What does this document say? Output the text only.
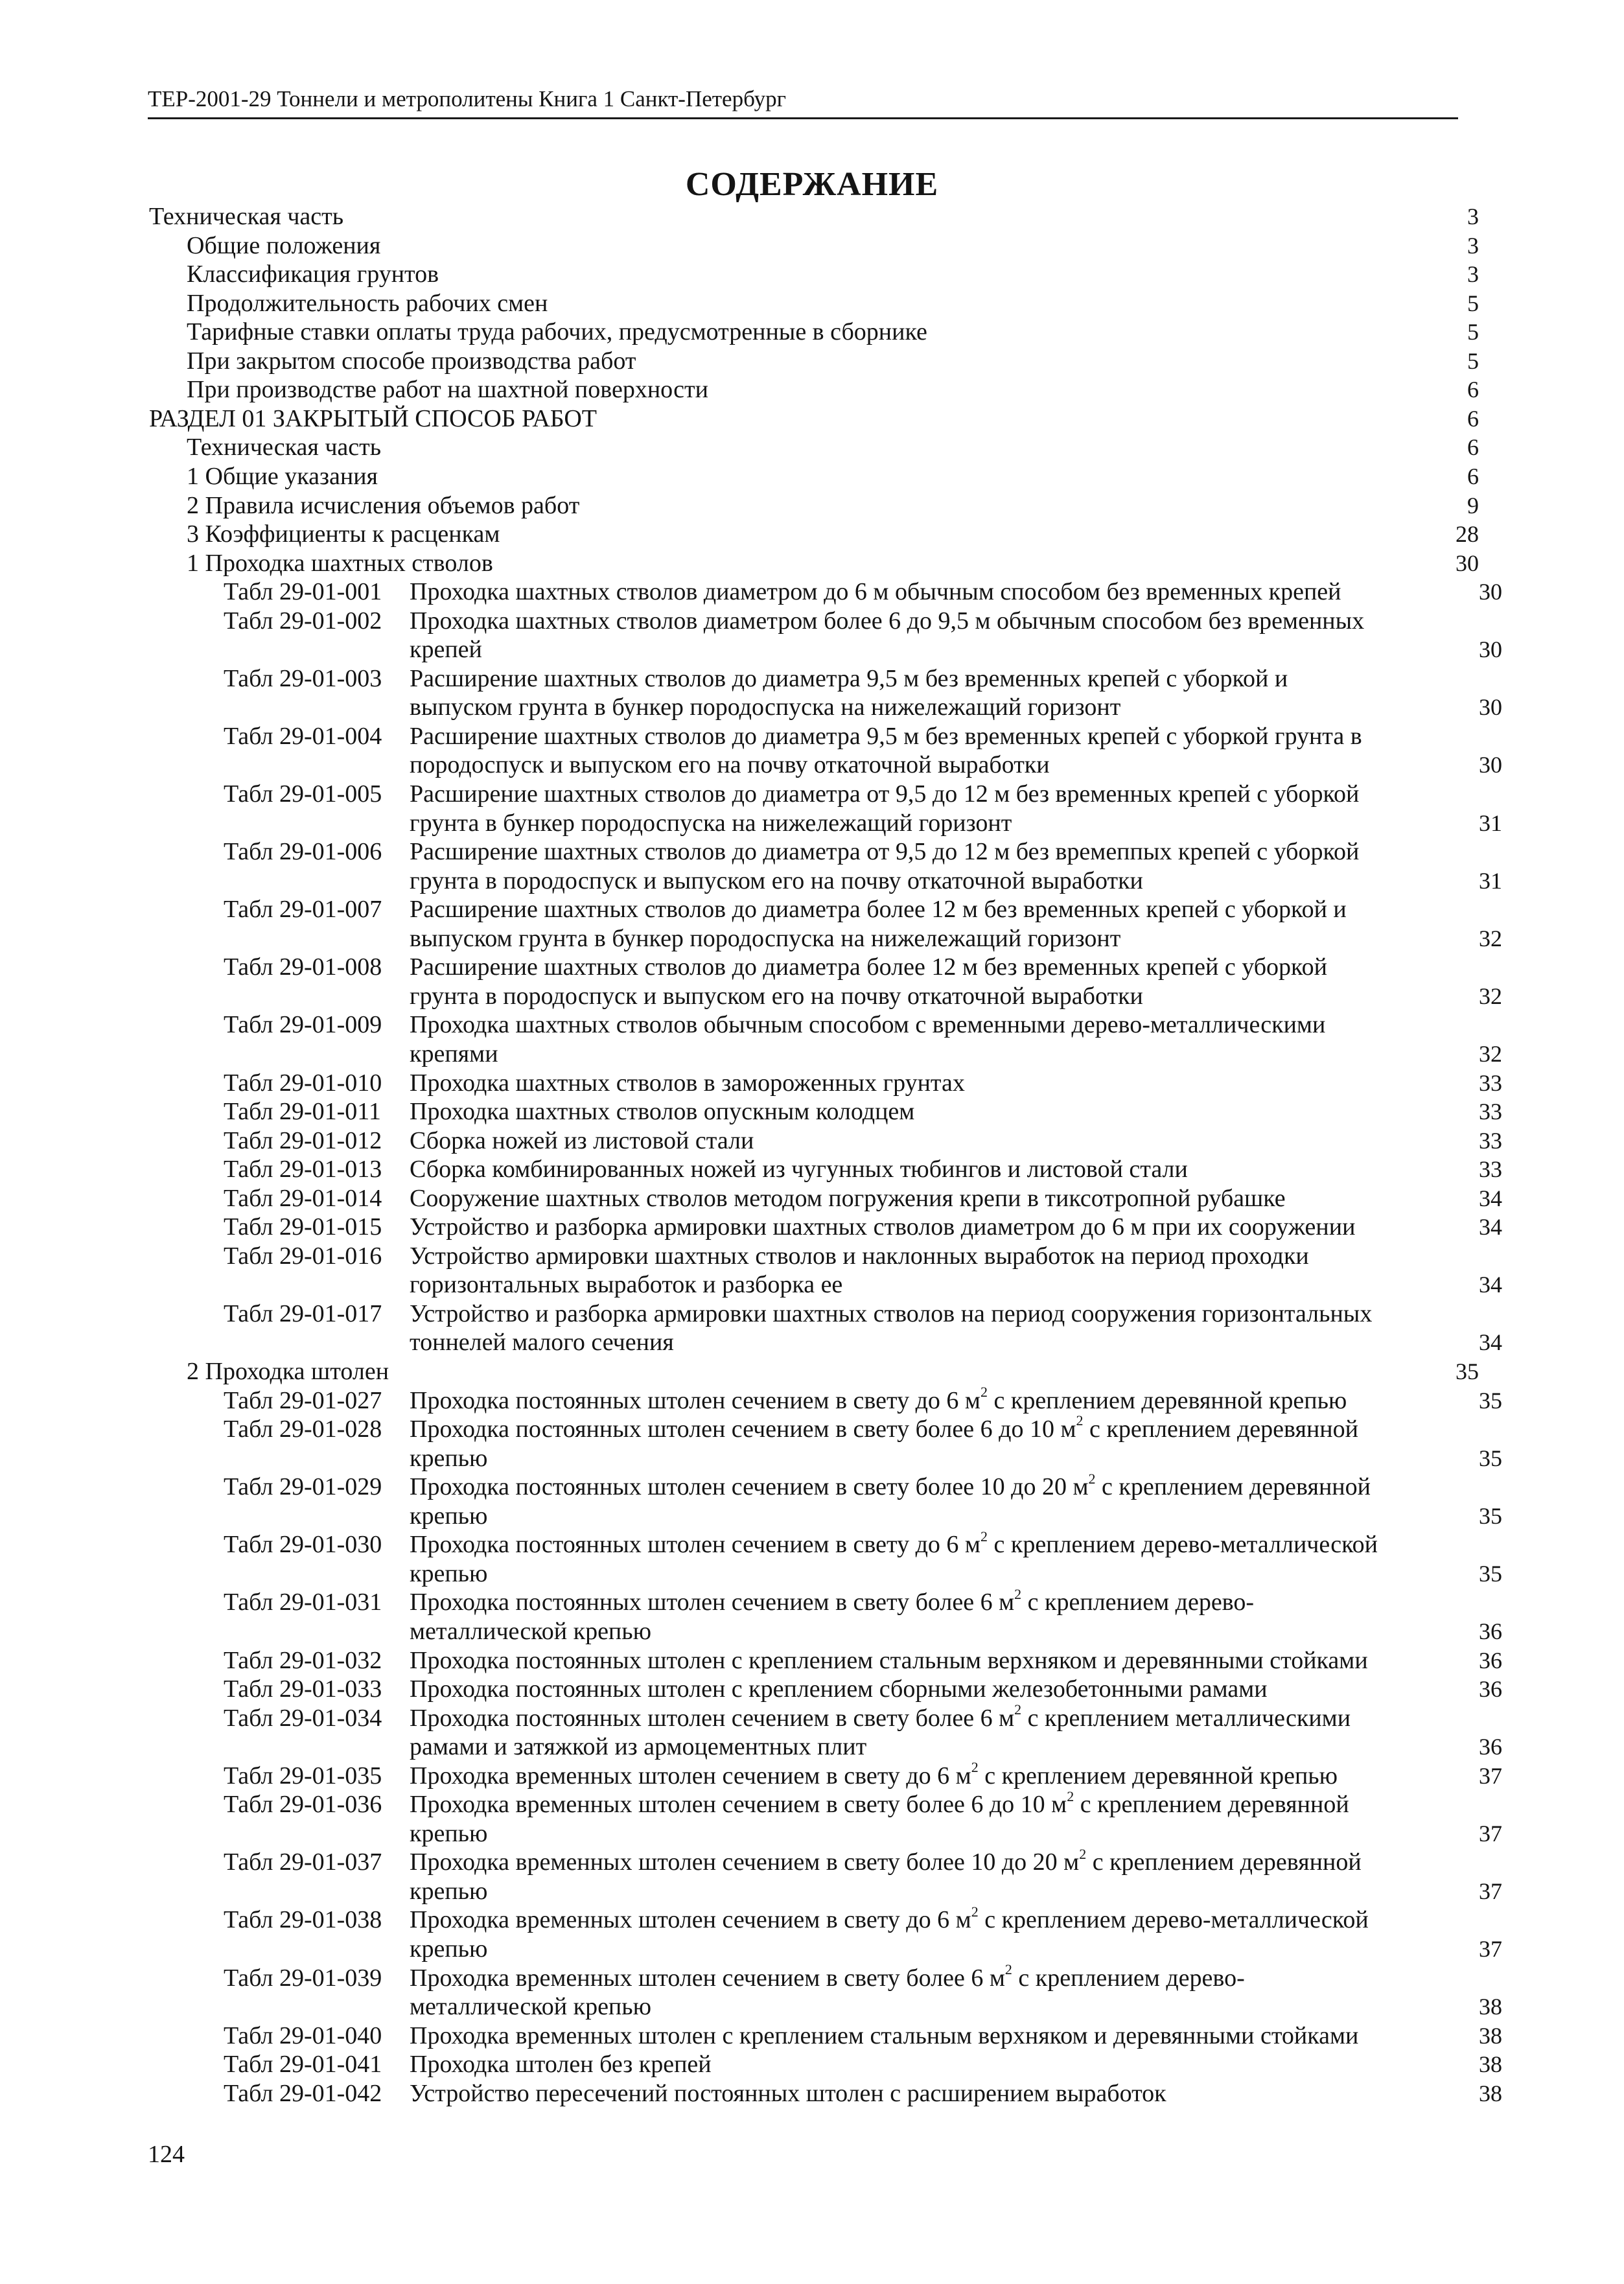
ТЕР-2001-29 Тоннели и метрополитены Книга 1 Санкт-Петербург
СОДЕРЖАНИЕ
Техническая часть	3
Общие положения	3
Классификация грунтов	3
Продолжительность рабочих смен	5
Тарифные ставки оплаты труда рабочих, предусмотренные в сборнике	5
При закрытом способе производства работ	5
При производстве работ на шахтной поверхности	6
РАЗДЕЛ 01 ЗАКРЫТЫЙ СПОСОБ РАБОТ	6
Техническая часть	6
1 Общие указания	6
2 Правила исчисления объемов работ	9
3 Коэффициенты к расценкам	28
1 Проходка шахтных стволов	30
Табл 29-01-001 Проходка шахтных стволов диаметром до 6 м обычным способом без временных крепей	30
Табл 29-01-002 Проходка шахтных стволов диаметром более 6 до 9,5 м обычным способом без временных
крепей	30
Табл 29-01-003 Расширение шахтных стволов до диаметра 9,5 м без временных крепей с уборкой и
выпуском грунта в бункер породоспуска на нижележащий горизонт	30
Табл 29-01-004 Расширение шахтных стволов до диаметра 9,5 м без временных крепей с уборкой грунта в
породоспуск и выпуском его на почву откаточной выработки	30
Табл 29-01-005 Расширение шахтных стволов до диаметра от 9,5 до 12 м без временных крепей с уборкой
грунта в бункер породоспуска на нижележащий горизонт	31
Табл 29-01-006 Расширение шахтных стволов до диаметра от 9,5 до 12 м без времеппых крепей с уборкой
грунта в породоспуск и выпуском его на почву откаточной выработки	31
Табл 29-01-007 Расширение шахтных стволов до диаметра более 12 м без временных крепей с уборкой и
выпуском грунта в бункер породоспуска на нижележащий горизонт	32
Табл 29-01-008 Расширение шахтных стволов до диаметра более 12 м без временных крепей с уборкой
грунта в породоспуск и выпуском его на почву откаточной выработки	32
Табл 29-01-009 Проходка шахтных стволов обычным способом с временными дерево-металлическими
крепями	32
Табл 29-01-010 Проходка шахтных стволов в замороженных грунтах	33
Табл 29-01-011 Проходка шахтных стволов опускным колодцем	33
Табл 29-01-012 Сборка ножей из листовой стали	33
Табл 29-01-013 Сборка комбинированных ножей из чугунных тюбингов и листовой стали	33
Табл 29-01-014 Сооружение шахтных стволов методом погружения крепи в тиксотропной рубашке	34
Табл 29-01-015 Устройство и разборка армировки шахтных стволов диаметром до 6 м при их сооружении	34
Табл 29-01-016 Устройство армировки шахтных стволов и наклонных выработок на период проходки
горизонтальных выработок и разборка ее	34
Табл 29-01-017 Устройство и разборка армировки шахтных стволов на период сооружения горизонтальных
тоннелей малого сечения	34
2 Проходка штолен	35
Табл 29-01-027 Проходка постоянных штолен сечением в свету до 6 $м^2$ с креплением деревянной крепью	35
Табл 29-01-028 Проходка постоянных штолен сечением в свету более 6 до 10 $м^2$ с креплением деревянной
крепью	35
Табл 29-01-029 Проходка постоянных штолен сечением в свету более 10 до 20 $м^2$ с креплением деревянной
крепью	35
Табл 29-01-030 Проходка постоянных штолен сечением в свету до 6 $м^2$ с креплением дерево-металлической
крепью	35
Табл 29-01-031 Проходка постоянных штолен сечением в свету более 6 $м^2$ с креплением дерево-
металлической крепью	36
Табл 29-01-032 Проходка постоянных штолен с креплением стальным верхняком и деревянными стойками	36
Табл 29-01-033 Проходка постоянных штолен с креплением сборными железобетонными рамами	36
Табл 29-01-034 Проходка постоянных штолен сечением в свету более 6 $м^2$ с креплением металлическими
рамами и затяжкой из армоцементных плит	36
Табл 29-01-035 Проходка временных штолен сечением в свету до 6 $м^2$ с креплением деревянной крепью	37
Табл 29-01-036 Проходка временных штолен сечением в свету более 6 до 10 $м^2$ с креплением деревянной
крепью	37
Табл 29-01-037 Проходка временных штолен сечением в свету более 10 до 20 $м^2$ с креплением деревянной
крепью	37
Табл 29-01-038 Проходка временных штолен сечением в свету до 6 $м^2$ с креплением дерево-металлической
крепью	37
Табл 29-01-039 Проходка временных штолен сечением в свету более 6 $м^2$ с креплением дерево-
металлической крепью	38
Табл 29-01-040 Проходка временных штолен с креплением стальным верхняком и деревянными стойками	38
Табл 29-01-041 Проходка штолен без крепей	38
Табл 29-01-042 Устройство пересечений постоянных штолен с расширением выработок	38
124
